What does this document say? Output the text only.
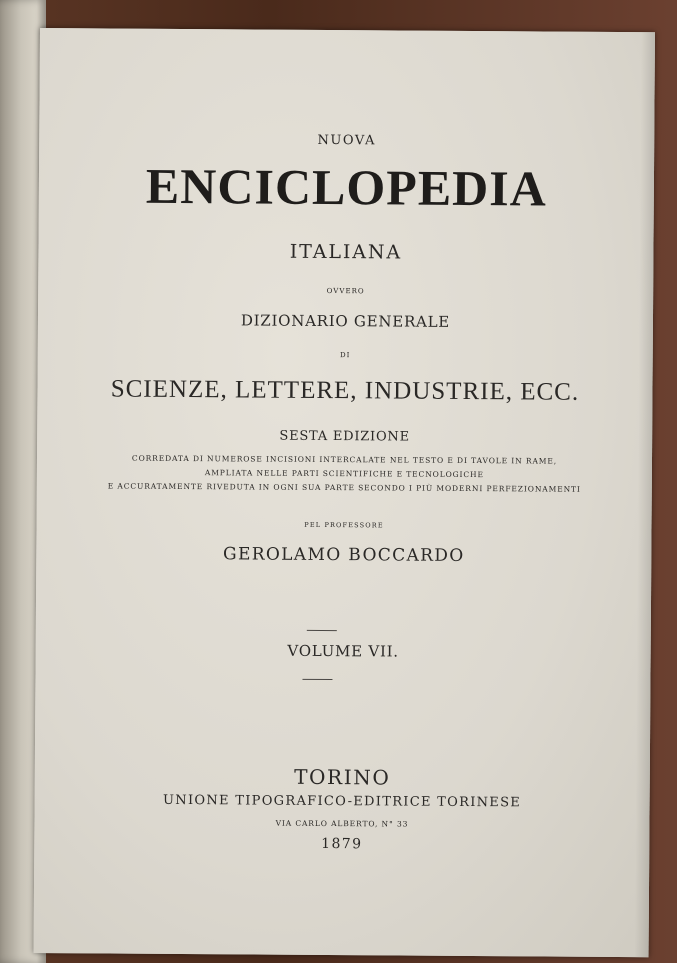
NUOVA
ENCICLOPEDIA
ITALIANA
OVVERO
DIZIONARIO GENERALE
DI
SCIENZE, LETTERE, INDUSTRIE, ECC.
SESTA EDIZIONE
CORREDATA DI NUMEROSE INCISIONI INTERCALATE NEL TESTO E DI TAVOLE IN RAME,
AMPLIATA NELLE PARTI SCIENTIFICHE E TECNOLOGICHE
E ACCURATAMENTE RIVEDUTA IN OGNI SUA PARTE SECONDO I PIÙ MODERNI PERFEZIONAMENTI
PEL PROFESSORE
GEROLAMO BOCCARDO
VOLUME VII.
TORINO
UNIONE TIPOGRAFICO-EDITRICE TORINESE
VIA CARLO ALBERTO, N° 33
1879
